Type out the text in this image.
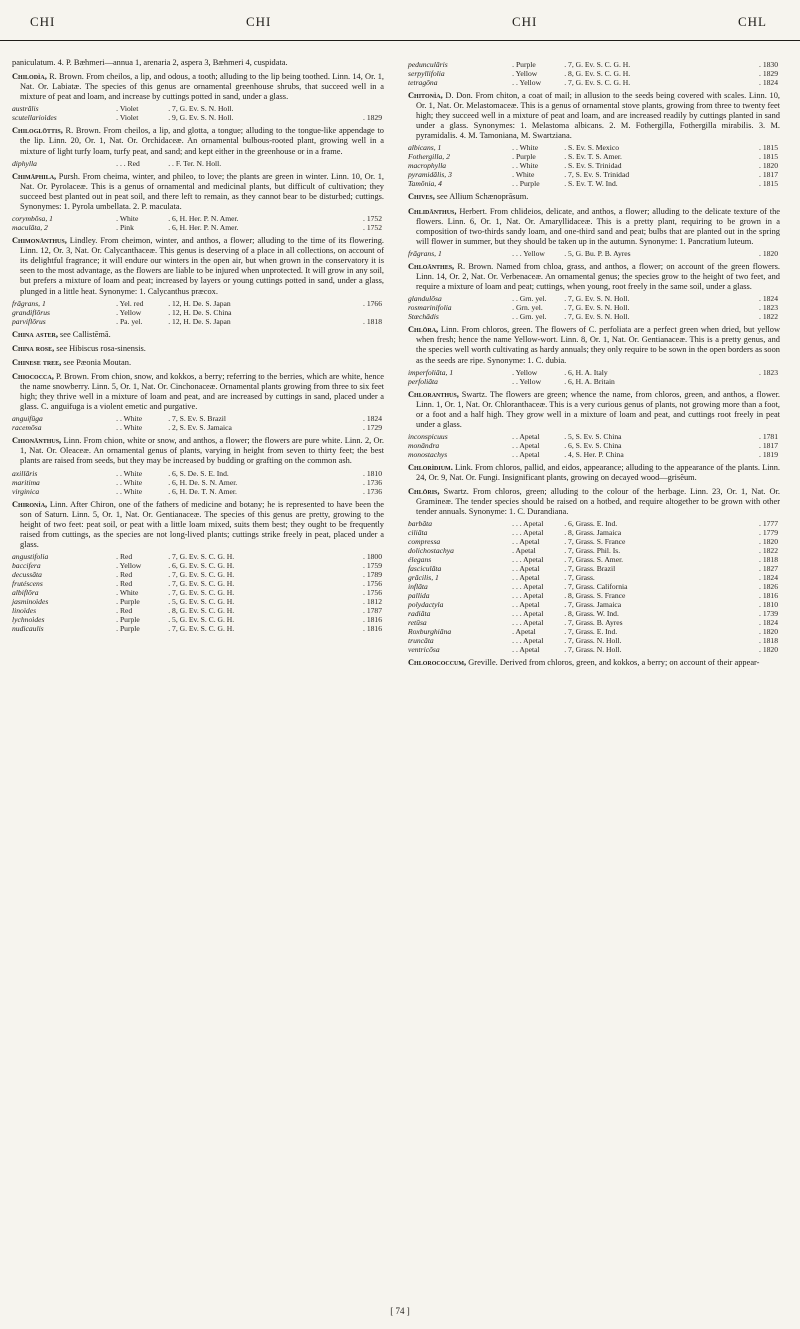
CHI	CHI	CHI	CHL

paniculatum. 4. P. Bæhmeri—annua 1, arenaria 2, aspera 3, Bæhmeri 4, cuspidata.

Chilodìa, R. Brown. From cheilos, a lip, and odous, a tooth; alluding to the lip being toothed. Linn. 14, Or. 1, Nat. Or. Labiatæ. The species of this genus are ornamental greenhouse shrubs, that succeed well in a mixture of peat and loam, and increase by cuttings potted in sand, under a glass.

austrālis	. Violet	. 7, G. Ev. S. N. Holl.	
scutellarioìdes	. Violet	. 9, G. Ev. S. N. Holl.	. 1829

Chiloglōttis, R. Brown. From cheilos, a lip, and glotta, a tongue; alluding to the tongue-like appendage to the lip. Linn. 20, Or. 1, Nat. Or. Orchidaceæ. An ornamental bulbous-rooted plant, growing well in a mixture of light turfy loam, turfy peat, and sand; and kept either in the greenhouse or in a frame.

diphylla	. . . Red	. . F. Ter. N. Holl.	

Chimāphila, Pursh. From cheima, winter, and phileo, to love; the plants are green in winter. Linn. 10, Or. 1, Nat. Or. Pyrolaceæ. This is a genus of ornamental and medicinal plants, but difficult of cultivation; they succeed best planted out in peat soil, and there left to remain, as they cannot bear to be disturbed; cuttings. Synonymes: 1. Pyrola umbellata. 2. P. maculata.

corymbōsa, 1	. White	. 6, H. Her. P. N. Amer.	. 1752
maculāta, 2	. Pink	. 6, H. Her. P. N. Amer.	. 1752

Chimonānthus, Lindley. From cheimon, winter, and anthos, a flower; alluding to the time of its flowering. Linn. 12, Or. 3, Nat. Or. Calycanthaceæ. This genus is deserving of a place in all collections, on account of its delightful fragrance; it will endure our winters in the open air, but when grown in the conservatory it is seen to the most advantage, as the flowers are liable to be injured when unprotected. It will grow in any soil, but prefers a mixture of loam and peat; increased by layers or young cuttings potted in sand, under a glass, plunged in a little heat. Synonyme: 1. Calycanthus præcox.

frāgrans, 1	. Yel. red	. 12, H. De. S. Japan	. 1766
grandiflōrus	. Yellow	. 12, H. De. S. China	
parviflōrus	. Pa. yel.	. 12, H. De. S. Japan	. 1818

China aster, see Callistēmā.

China rose, see Hibiscus rosa-sinensis.

Chinese tree, see Pæonia Moutan.

Chiococca, P. Brown. From chion, snow, and kokkos, a berry; referring to the berries, which are white, hence the name snowberry. Linn. 5, Or. 1, Nat. Or. Cinchonaceæ. Ornamental plants growing from three to six feet high; they thrive well in a mixture of loam and peat, and are increased by cuttings in sand, placed under a glass. C. anguifuga is a violent emetic and purgative.

anguifūga	. . White	. 7, S. Ev. S. Brazil	. 1824
racemōsa	. . White	. 2, S. Ev. S. Jamaica	. 1729

Chionānthus, Linn. From chion, white or snow, and anthos, a flower; the flowers are pure white. Linn. 2, Or. 1, Nat. Or. Oleaceæ. An ornamental genus of plants, varying in height from seven to thirty feet; the best plants are raised from seeds, but they may be increased by budding or grafting on the common ash.

axillāris	. . White	. 6, S. De. S. E. Ind.	. 1810
maritima	. . White	. 6, H. De. S. N. Amer.	. 1736
virginica	. . White	. 6, H. De. T. N. Amer.	. 1736

Chironìa, Linn. After Chiron, one of the fathers of medicine and botany; he is represented to have been the son of Saturn. Linn. 5, Or. 1, Nat. Or. Gentianaceæ. The species of this genus are pretty, growing to the height of two feet: peat soil, or peat with a little loam mixed, suits them best; they ought to be frequently raised from cuttings, as the species are not long-lived plants; cuttings strike freely in peat, placed under a glass.

angustifolia	. Red	. 7, G. Ev. S. C. G. H.	. 1800
baccifera	. Yellow	. 6, G. Ev. S. C. G. H.	. 1759
decussāta	. Red	. 7, G. Ev. S. C. G. H.	. 1789
frutéscens	. Red	. 7, G. Ev. S. C. G. H.	. 1756
albiflōra	. White	. 7, G. Ev. S. C. G. H.	. 1756
jasminoìdes	. Purple	. 5, G. Ev. S. C. G. H.	. 1812
linoìdes	. Red	. 8, G. Ev. S. C. G. H.	. 1787
lychnoìdes	. Purple	. 5, G. Ev. S. C. G. H.	. 1816
nudicaulis	. Purple	. 7, G. Ev. S. C. G. H.	. 1816
pedunculāris	. Purple	. 7, G. Ev. S. C. G. H.	. 1830
serpyllifolia	. Yellow	. 8, G. Ev. S. C. G. H.	. 1829
tetragōna	. . Yellow	. 7, G. Ev. S. C. G. H.	. 1824

Chitonìa, D. Don. From chiton, a coat of mail; in allusion to the seeds being covered with scales. Linn. 10, Or. 1, Nat. Or. Melastomaceæ. This is a genus of ornamental stove plants, growing from three to twenty feet high; they succeed well in a mixture of peat and loam, and are increased readily by cuttings planted in sand under a glass. Synonymes: 1. Melastoma albicans. 2. M. Fothergilla, Fothergilla mirabilis. 3. M. pyramidalis. 4. M. Tamoniana, M. Swartziana.

albicans, 1	. . White	. S. Ev. S. Mexico	. 1815
Fothergilla, 2	. Purple	. S. Ev. T. S. Amer.	. 1815
macrophylla	. . White	. S. Ev. S. Trinidad	. 1820
pyramidālis, 3	. White	. 7, S. Ev. S. Trinidad	. 1817
Tamōnia, 4	. . Purple	. S. Ev. T. W. Ind.	. 1815

Chives, see Allium Schænoprāsum.

Chlidānthus, Herbert. From chlideios, delicate, and anthos, a flower; alluding to the delicate texture of the flowers. Linn. 6, Or. 1, Nat. Or. Amaryllidaceæ. This is a pretty plant, requiring to be grown in a composition of two-thirds sandy loam, and one-third sand and peat; bulbs that are planted out in the spring will flower in summer, but they should be taken up in the autumn. Synonyme: 1. Pancratium luteum.

frāgrans, 1	. . . Yellow	. 5, G. Bu. P. B. Ayres	. 1820

Chloānthes, R. Brown. Named from chloa, grass, and anthos, a flower; on account of the green flowers. Linn. 14, Or. 2, Nat. Or. Verbenaceæ. An ornamental genus; the species grow to the height of two feet, and require a mixture of loam and peat; cuttings, when young, root freely in the same soil, under a glass.

glandulōsa	. . Grn. yel.	. 7, G. Ev. S. N. Holl.	. 1824
rosmarinifolia	. Grn. yel.	. 7, G. Ev. S. N. Holl.	. 1823
Stœchādis	. . Grn. yel.	. 7, G. Ev. S. N. Holl.	. 1822

Chlōra, Linn. From chloros, green. The flowers of C. perfoliata are a perfect green when dried, but yellow when fresh; hence the name Yellow-wort. Linn. 8, Or. 1, Nat. Or. Gentianaceæ. This is a pretty genus, and the species well worth cultivating as hardy annuals; they only require to be sown in the open borders as soon as the seeds are ripe. Synonyme: 1. C. dubia.

imperfoliāta, 1	. Yellow	. 6, H. A. Italy	. 1823
perfoliāta	. . Yellow	. 6, H. A. Britain	

Chloranthus, Swartz. The flowers are green; whence the name, from chloros, green, and anthos, a flower. Linn. 1, Or. 1, Nat. Or. Chloranthaceæ. This is a very curious genus of plants, not growing more than a foot, or a foot and a half high. They grow well in a mixture of loam and peat, and cuttings root freely in peat under a glass.

inconspicuus	. . Apetal	. 5, S. Ev. S. China	. 1781
monāndra	. . Apetal	. 6, S. Ev. S. China	. 1817
monostachys	. . Apetal	. 4, S. Her. P. China	. 1819

Chlorìdium. Link. From chloros, pallid, and eidos, appearance; alluding to the appearance of the plants. Linn. 24, Or. 9, Nat. Or. Fungi. Insignificant plants, growing on decayed wood—grisĕum.

Chlōris, Swartz. From chloros, green; alluding to the colour of the herbage. Linn. 23, Or. 1, Nat. Or. Gramineæ. The tender species should be raised on a hotbed, and require altogether to be grown with other tender annuals. Synonyme: 1. C. Durandiana.

barbāta	. . . Apetal	. 6, Grass. E. Ind.	. 1777
ciliāta	. . . Apetal	. 8, Grass. Jamaica	. 1779
compressa	. . Apetal	. 7, Grass. S. France	. 1820
dolichostachya	. Apetal	. 7, Grass. Phil. Is.	. 1822
élegans	. . . Apetal	. 7, Grass. S. Amer.	. 1818
fasciculāta	. . Apetal	. 7, Grass. Brazil	. 1827
grācilis, 1	. . Apetal	. 7, Grass.	. 1824
inflāta	. . . Apetal	. 7, Grass. California	. 1826
pallida	. . . Apetal	. 8, Grass. S. France	. 1816
polydactyla	. . Apetal	. 7, Grass. Jamaica	. 1810
radiāta	. . . Apetal	. 8, Grass. W. Ind.	. 1739
retūsa	. . . Apetal	. 7, Grass. B. Ayres	. 1824
Roxburghiāna	. Apetal	. 7, Grass. E. Ind.	. 1820
truncāta	. . . Apetal	. 7, Grass. N. Holl.	. 1818
ventricōsa	. . Apetal	. 7, Grass. N. Holl.	. 1820

Chlorococcum, Greville. Derived from chloros, green, and kokkos, a berry; on account of their appear-

[ 74 ]
